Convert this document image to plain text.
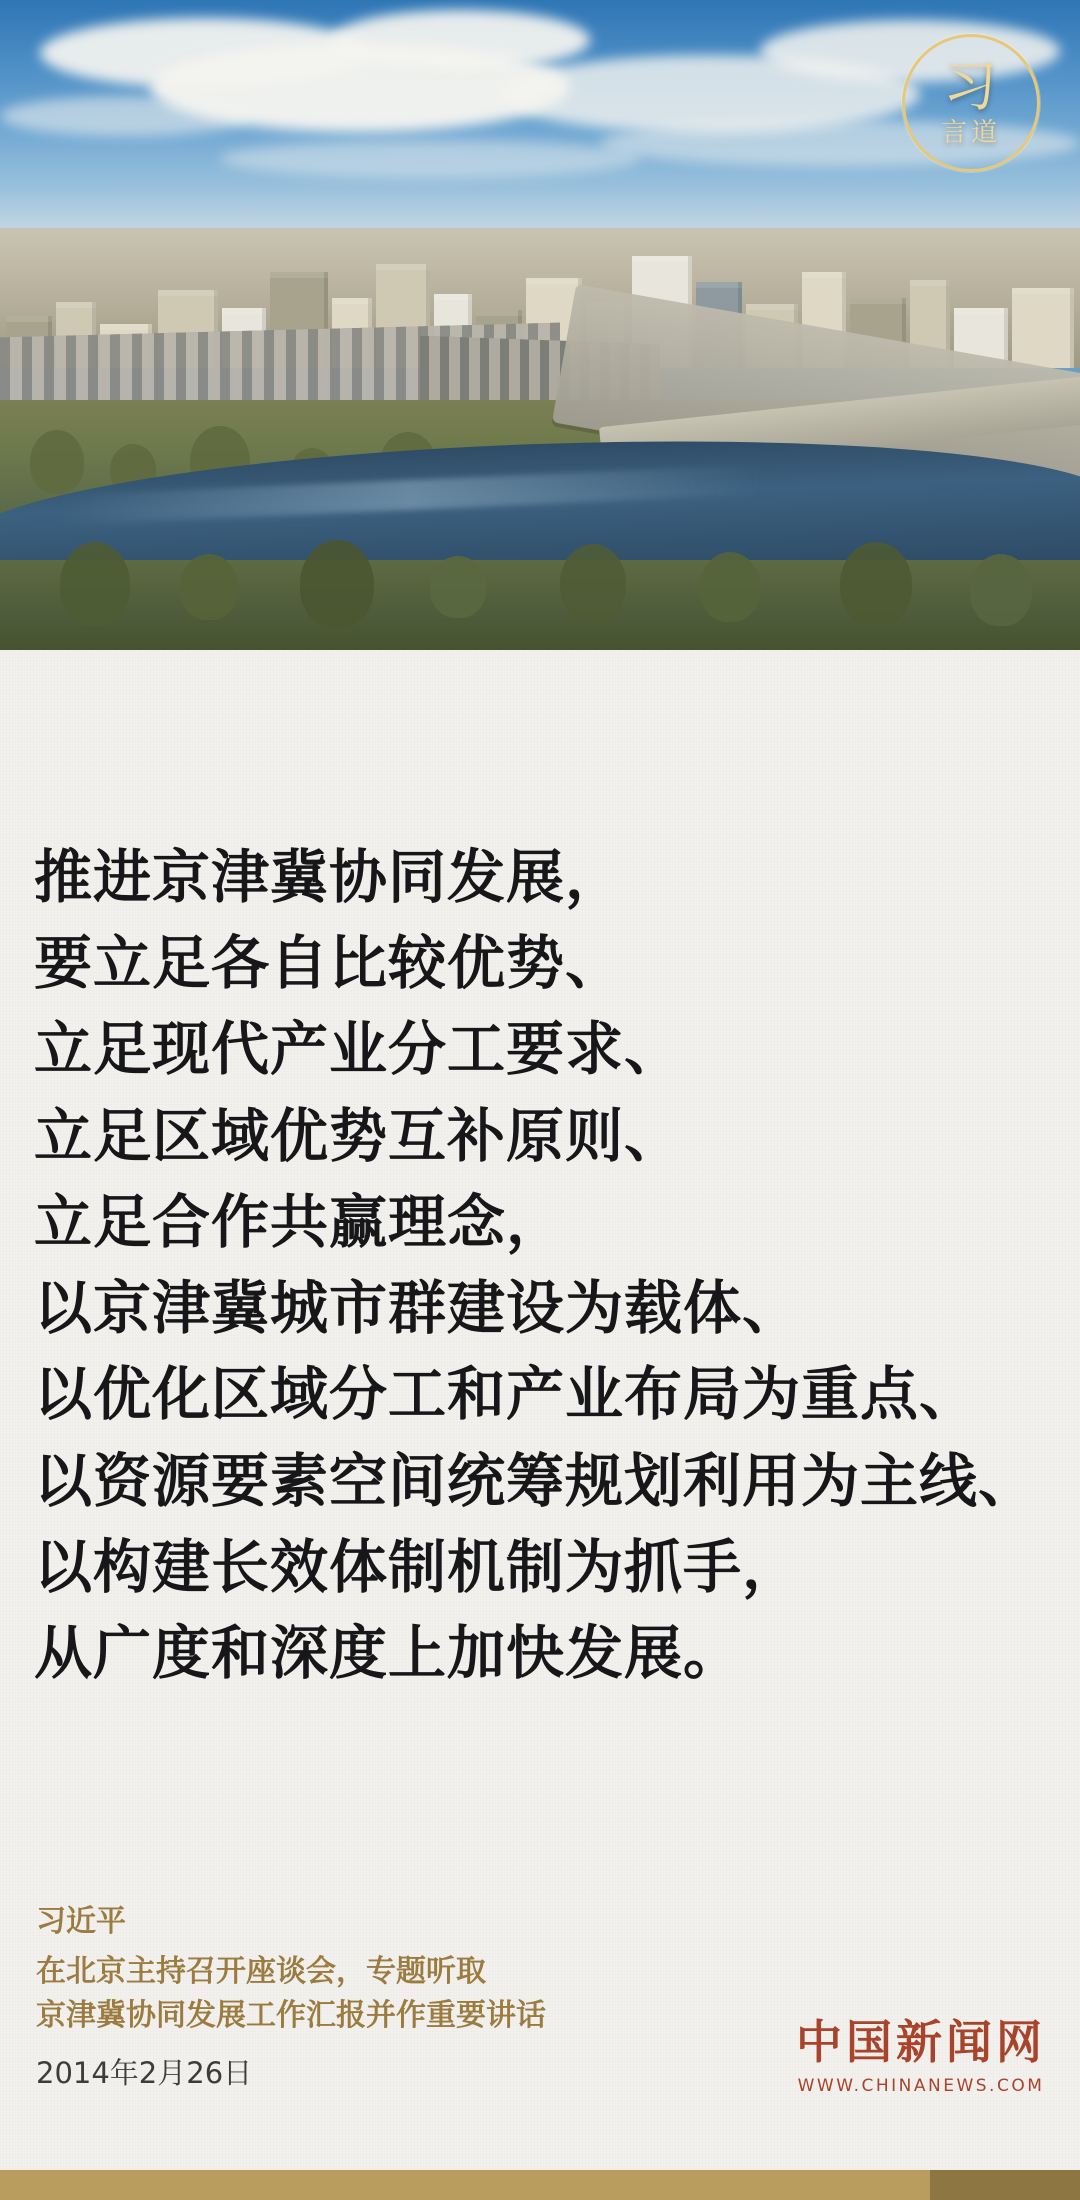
习
言道

推进京津冀协同发展，

要立足各自比较优势、

立足现代产业分工要求、

立足区域优势互补原则、

立足合作共赢理念，

以京津冀城市群建设为载体、

以优化区域分工和产业布局为重点、

以资源要素空间统筹规划利用为主线、

以构建长效体制机制为抓手，

从广度和深度上加快发展。

习近平
在北京主持召开座谈会，专题听取
京津冀协同发展工作汇报并作重要讲话
2014年2月26日
中国新闻网
WWW.CHINANEWS.COM
